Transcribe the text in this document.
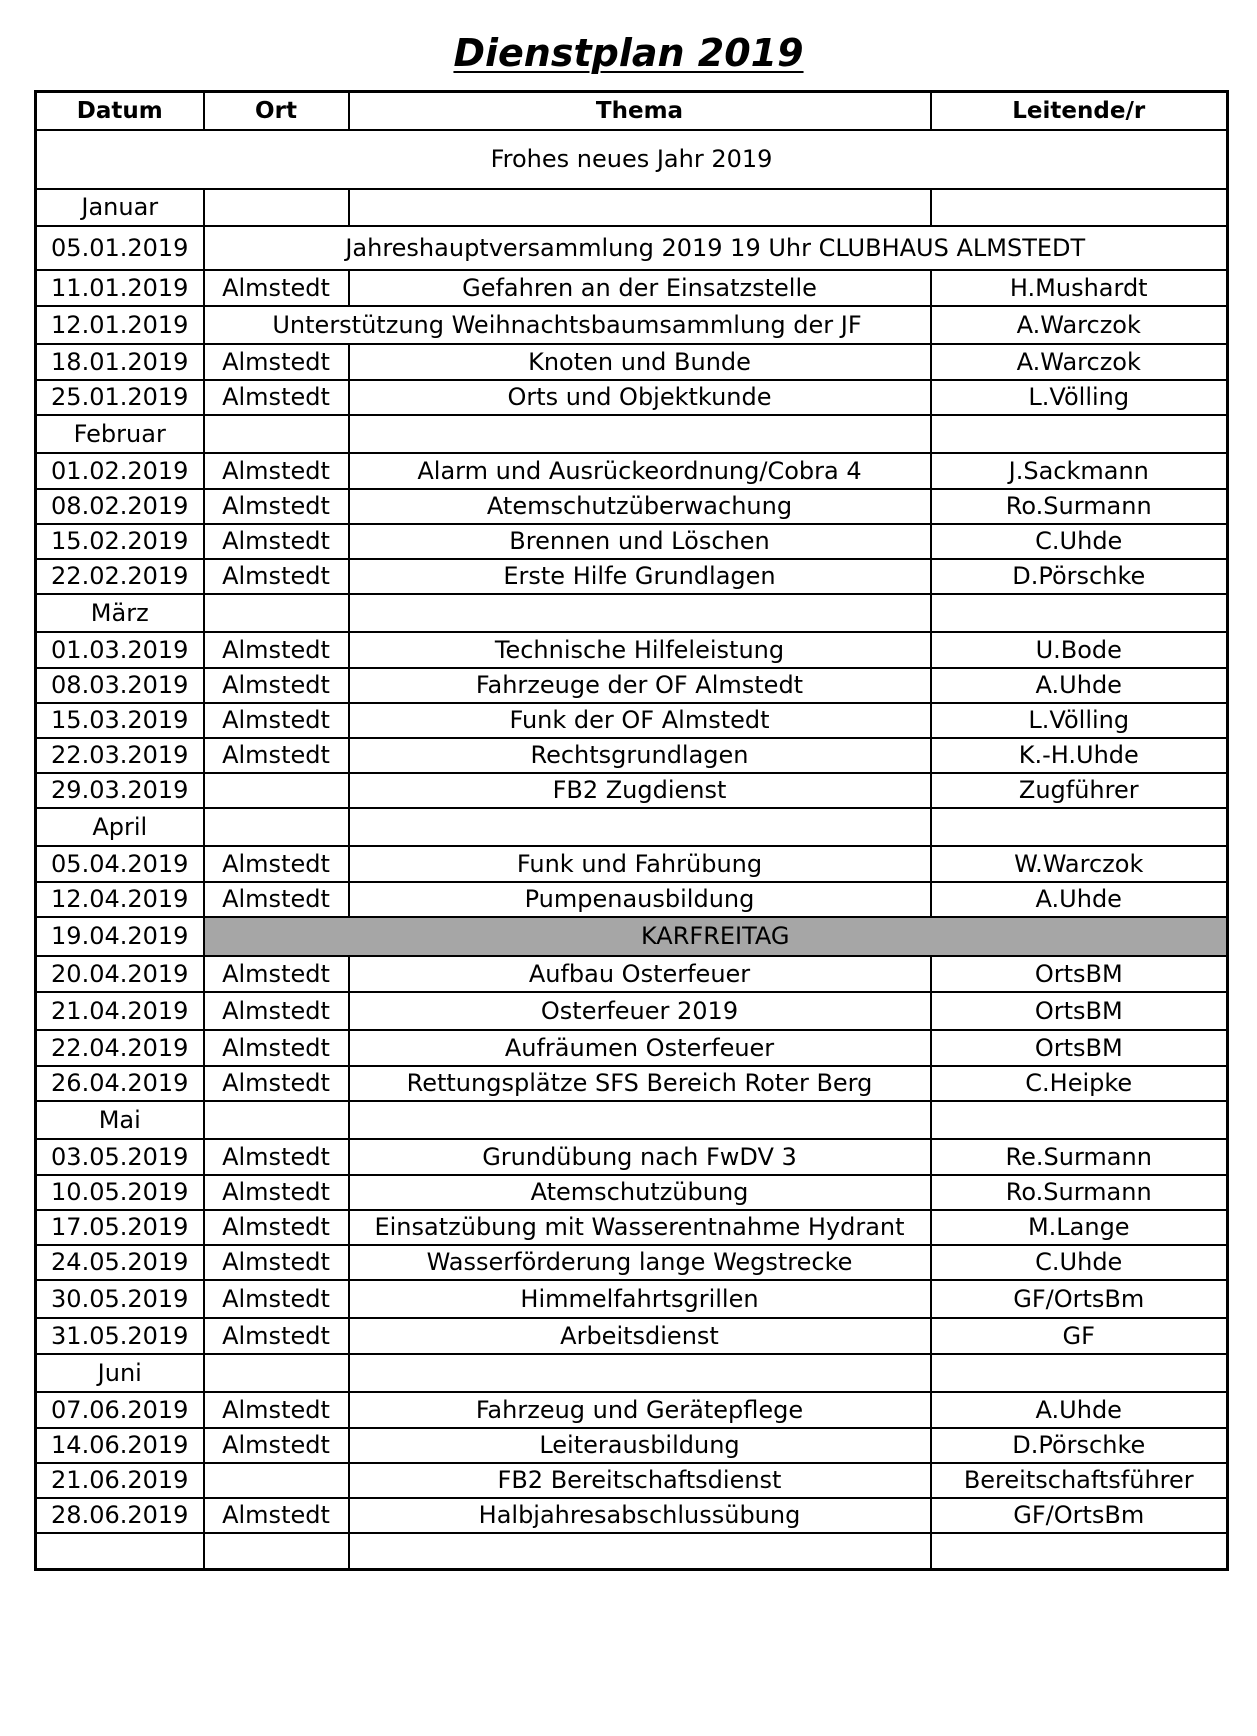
Dienstplan 2019
Datum	Ort	Thema	Leitende/r
Frohes neues Jahr 2019			
Januar			
05.01.2019	Jahreshauptversammlung 2019 19 Uhr CLUBHAUS ALMSTEDT		
11.01.2019	Almstedt	Gefahren an der Einsatzstelle	H.Mushardt
12.01.2019	Unterstützung Weihnachtsbaumsammlung der JF		A.Warczok
18.01.2019	Almstedt	Knoten und Bunde	A.Warczok
25.01.2019	Almstedt	Orts und Objektkunde	L.Völling
Februar			
01.02.2019	Almstedt	Alarm und Ausrückeordnung/Cobra 4	J.Sackmann
08.02.2019	Almstedt	Atemschutzüberwachung	Ro.Surmann
15.02.2019	Almstedt	Brennen und Löschen	C.Uhde
22.02.2019	Almstedt	Erste Hilfe Grundlagen	D.Pörschke
März			
01.03.2019	Almstedt	Technische Hilfeleistung	U.Bode
08.03.2019	Almstedt	Fahrzeuge der OF Almstedt	A.Uhde
15.03.2019	Almstedt	Funk der OF Almstedt	L.Völling
22.03.2019	Almstedt	Rechtsgrundlagen	K.-H.Uhde
29.03.2019		FB2 Zugdienst	Zugführer
April			
05.04.2019	Almstedt	Funk und Fahrübung	W.Warczok
12.04.2019	Almstedt	Pumpenausbildung	A.Uhde
19.04.2019	KARFREITAG		
20.04.2019	Almstedt	Aufbau Osterfeuer	OrtsBM
21.04.2019	Almstedt	Osterfeuer 2019	OrtsBM
22.04.2019	Almstedt	Aufräumen Osterfeuer	OrtsBM
26.04.2019	Almstedt	Rettungsplätze SFS Bereich Roter Berg	C.Heipke
Mai			
03.05.2019	Almstedt	Grundübung nach FwDV 3	Re.Surmann
10.05.2019	Almstedt	Atemschutzübung	Ro.Surmann
17.05.2019	Almstedt	Einsatzübung mit Wasserentnahme Hydrant	M.Lange
24.05.2019	Almstedt	Wasserförderung lange Wegstrecke	C.Uhde
30.05.2019	Almstedt	Himmelfahrtsgrillen	GF/OrtsBm
31.05.2019	Almstedt	Arbeitsdienst	GF
Juni			
07.06.2019	Almstedt	Fahrzeug und Gerätepflege	A.Uhde
14.06.2019	Almstedt	Leiterausbildung	D.Pörschke
21.06.2019		FB2 Bereitschaftsdienst	Bereitschaftsführer
28.06.2019	Almstedt	Halbjahresabschlussübung	GF/OrtsBm
